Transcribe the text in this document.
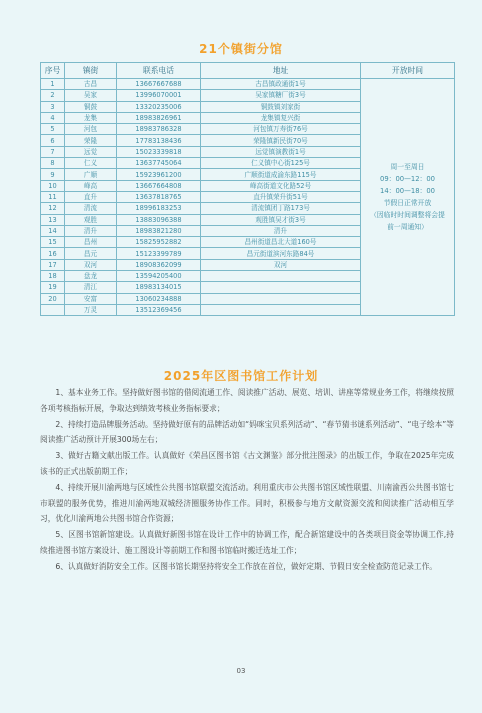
21个镇街分馆
序号	镇街	联系电话	地址	开放时间
1	古昌	13667667688	古昌镇政通街1号	周一至周日
09：00—12：00
14：00—18：00
节假日正常开放
（因临时时间调整将会提前一周通知）

2	吴家	13996070001	吴家镇糖厂街3号	
3	铜鼓	13320235006	铜鼓镇刘家街	
4	龙集	18983826961	龙集镇复兴街	
5	河包	18983786328	河包镇万寿街76号	
6	荣隆	17783138436	荣隆镇新民街70号	
7	远觉	15023339818	远觉镇演教街1号	
8	仁义	13637745064	仁义镇中心街125号	
9	广顺	15923961200	广顺街道成渝东路115号	
10	峰高	13667664808	峰高街道文化路52号	
11	直升	13637818765	直升镇荣升街51号	
12	清流	18996183253	清流镇团丁路173号	
13	观胜	13883096388	观胜镇吴才街3号	
14	清升	18983821280	清升	
15	昌州	15825952882	昌州街道昌北大道160号	
16	昌元	15123399789	昌元街道滨河东路84号	
17	双河	18908362099	双河	
18	盘龙	13594205400		
19	清江	18983134015		
20	安富	13060234888		
	万灵	13512369456		
2025年区图书馆工作计划

1、基本业务工作。坚持做好图书馆的借阅流通工作、阅读推广活动、展览、培训、讲座等常规业务工作，将继续按照各项考核指标开展，争取达到绩效考核业务指标要求；

2、持续打造品牌服务活动。坚持做好原有的品牌活动如“妈咪宝贝系列活动”、“春节猜书谜系列活动”、“电子绘本”等阅读推广活动预计开展300场左右；

3、做好古籍文献出版工作。认真做好《荣昌区图书馆《古文渊鉴》部分批注图录》的出版工作，争取在2025年完成该书的正式出版前期工作；

4、持续开展川渝两地与区域性公共图书馆联盟交流活动。利用重庆市公共图书馆区域性联盟、川南渝西公共图书馆七市联盟的服务优势，推进川渝两地双城经济圈服务协作工作。同时，积极参与地方文献资源交流和阅读推广活动相互学习，优化川渝两地公共图书馆合作资源；

5、区图书馆新馆建设。认真做好新图书馆在设计工作中的协调工作，配合新馆建设中的各类项目资金等协调工作,持续推进图书馆方案设计、施工图设计等前期工作和图书馆临时搬迁选址工作；

6、认真做好消防安全工作。区图书馆长期坚持将安全工作放在首位，做好定期、节假日安全检查防范记录工作。

03
